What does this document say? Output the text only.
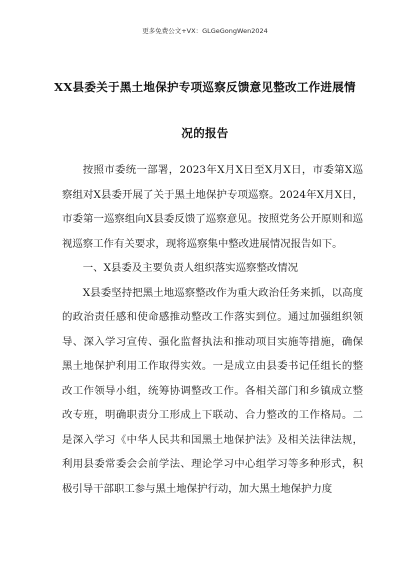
更多免费公文+VX：GLGeGongWen2024
XX县委关于黑土地保护专项巡察反馈意见整改工作进展情
况的报告

按照市委统一部署，2023年X月X日至X月X日，市委第X巡察组对X县委开展了关于黑土地保护专项巡察。2024年X月X日，市委第一巡察组向X县委反馈了巡察意见。按照党务公开原则和巡视巡察工作有关要求，现将巡察集中整改进展情况报告如下。

一、X县委及主要负责人组织落实巡察整改情况

X县委坚持把黑土地巡察整改作为重大政治任务来抓，以高度的政治责任感和使命感推动整改工作落实到位。通过加强组织领导、深入学习宣传、强化监督执法和推动项目实施等措施，确保黑土地保护利用工作取得实效。一是成立由县委书记任组长的整改工作领导小组，统筹协调整改工作。各相关部门和乡镇成立整改专班，明确职责分工形成上下联动、合力整改的工作格局。二是深入学习《中华人民共和国黑土地保护法》及相关法律法规，利用县委常委会会前学法、理论学习中心组学习等多种形式，积极引导干部职工参与黑土地保护行动，加大黑土地保护力度
